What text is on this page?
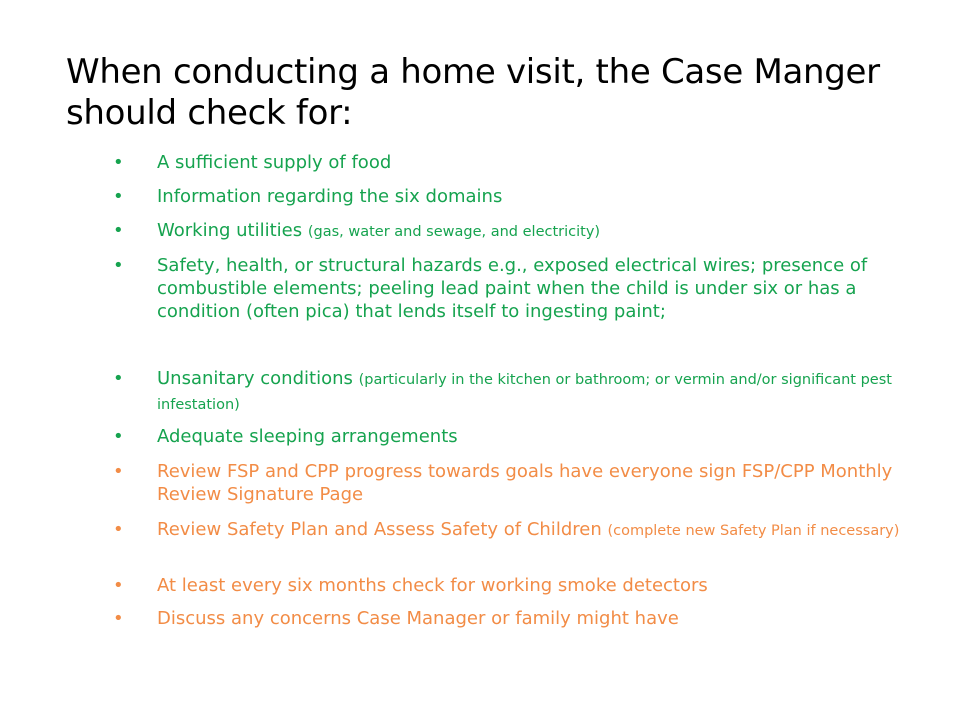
When conducting a home visit, the Case Manger should check for:
• A sufficient supply of food
• Information regarding the six domains
• Working utilities (gas, water and sewage, and electricity)
• Safety, health, or structural hazards e.g., exposed electrical wires; presence of combustible elements; peeling lead paint when the child is under six or has a condition (often pica) that lends itself to ingesting paint;
• Unsanitary conditions (particularly in the kitchen or bathroom; or vermin and/or significant pest infestation)
• Adequate sleeping arrangements
• Review FSP and CPP progress towards goals have everyone sign FSP/CPP Monthly Review Signature Page
• Review Safety Plan and Assess Safety of Children (complete new Safety Plan if necessary)
• At least every six months check for working smoke detectors
• Discuss any concerns Case Manager or family might have
